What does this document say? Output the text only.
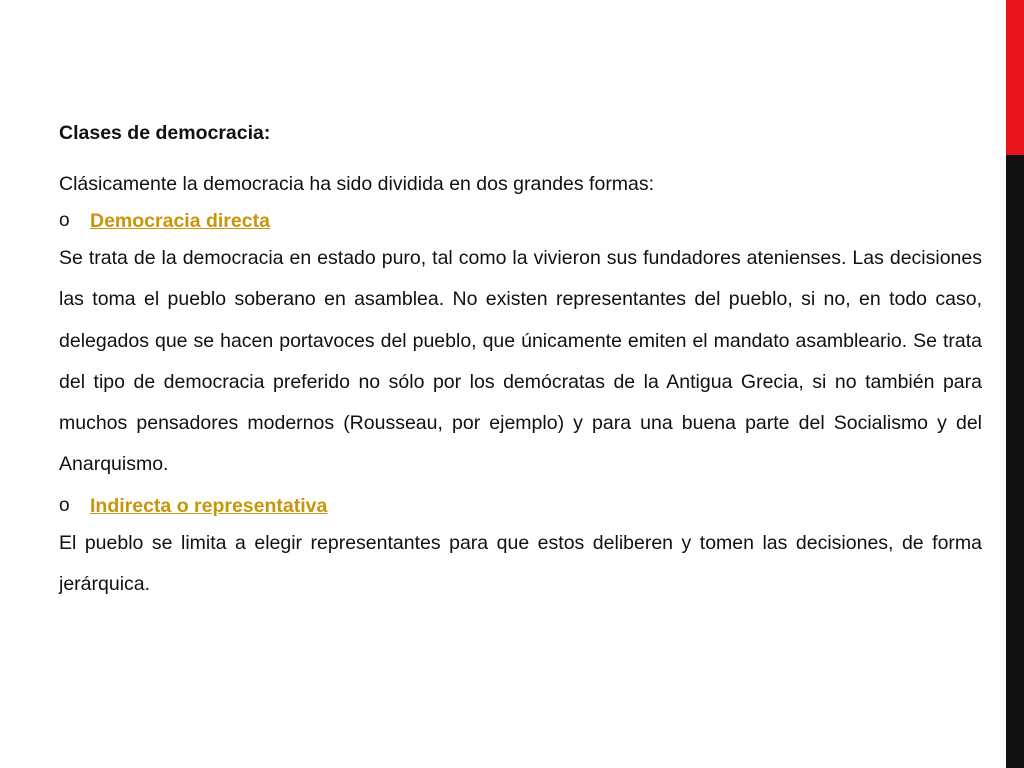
Clases de democracia:

Clásicamente la democracia ha sido dividida en dos grandes formas:

o	Democracia directa

Se trata de la democracia en estado puro, tal como la vivieron sus fundadores atenienses. Las decisiones las toma el pueblo soberano en asamblea. No existen representantes del pueblo, si no, en todo caso, delegados que se hacen portavoces del pueblo, que únicamente emiten el mandato asambleario. Se trata del tipo de democracia preferido no sólo por los demócratas de la Antigua Grecia, si no también para muchos pensadores modernos (Rousseau, por ejemplo) y para una buena parte del Socialismo y del Anarquismo.

o	Indirecta o representativa

El pueblo se limita a elegir representantes para que estos deliberen y tomen las decisiones, de forma jerárquica.
